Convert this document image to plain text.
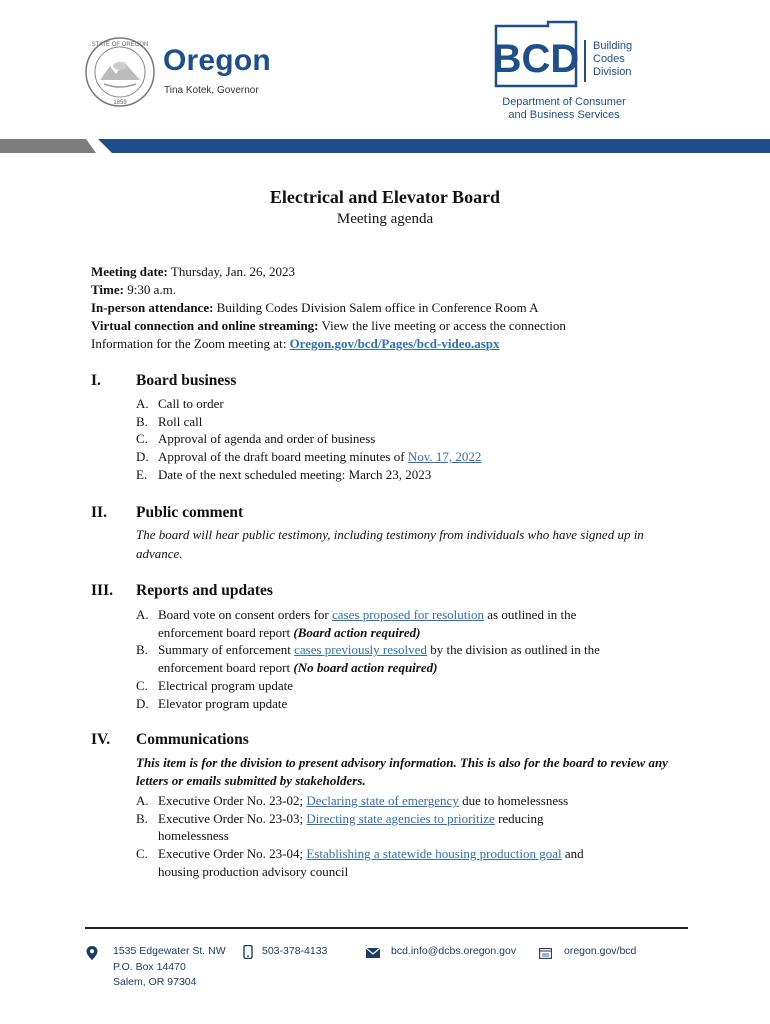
STATE OF OREGON
1859
Oregon
Tina Kotek, Governor
BCD Building
Codes
Division
Department of Consumer and Business Services
Electrical and Elevator Board
Meeting agenda
Meeting date: Thursday, Jan. 26, 2023
Time: 9:30 a.m.
In-person attendance: Building Codes Division Salem office in Conference Room A
Virtual connection and online streaming: View the live meeting or access the connection
Information for the Zoom meeting at: Oregon.gov/bcd/Pages/bcd-video.aspx
I. Board business
A. Call to order
B. Roll call
C. Approval of agenda and order of business
D. Approval of the draft board meeting minutes of Nov. 17, 2022
E. Date of the next scheduled meeting: March 23, 2023
II. Public comment
The board will hear public testimony, including testimony from individuals who have signed up in advance.
III. Reports and updates
A. Board vote on consent orders for cases proposed for resolution as outlined in the
enforcement board report (Board action required)
B. Summary of enforcement cases previously resolved by the division as outlined in the
enforcement board report (No board action required)
C. Electrical program update
D. Elevator program update
IV. Communications
This item is for the division to present advisory information. This is also for the board to review any letters or emails submitted by stakeholders.
A. Executive Order No. 23-02; Declaring state of emergency due to homelessness
B. Executive Order No. 23-03; Directing state agencies to prioritize reducing
homelessness
C. Executive Order No. 23-04; Establishing a statewide housing production goal and
housing production advisory council
1535 Edgewater St. NW
P.O. Box 14470
Salem, OR 97304
503-378-4133	bcd.info@dcbs.oregon.gov	oregon.gov/bcd
